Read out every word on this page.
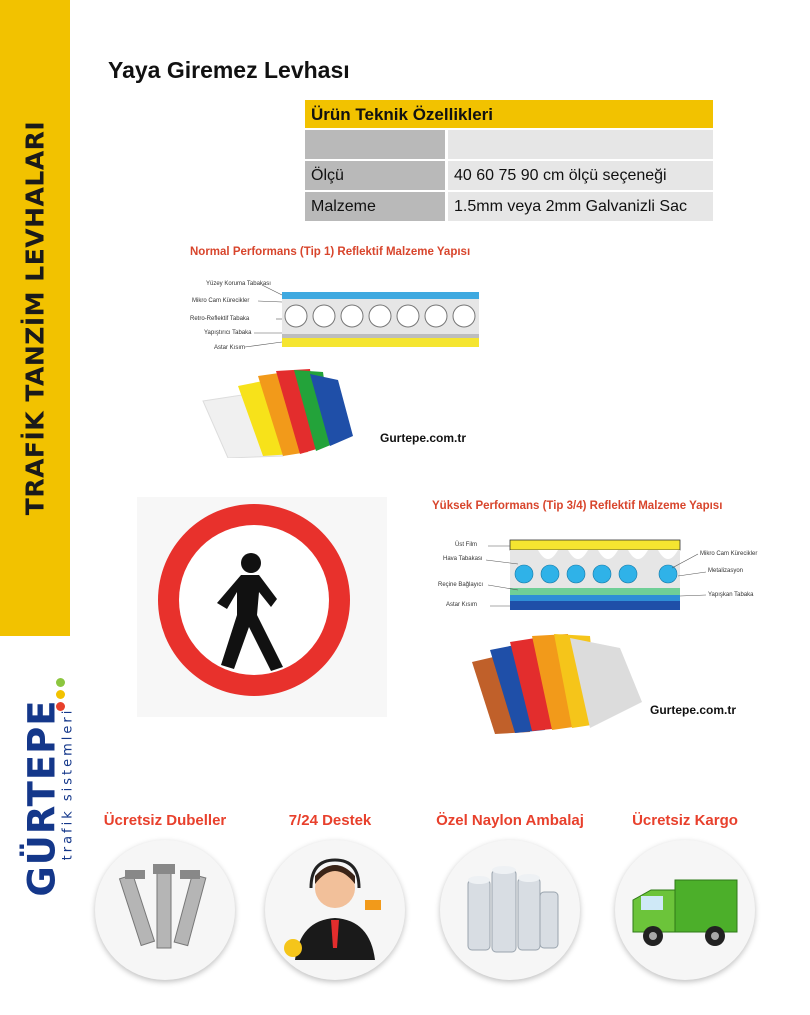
TRAFİK TANZİM LEVHALARI
GÜRTEPE
trafik sistemleri
Yaya Giremez Levhası
Ürün Teknik Özellikleri
Ölçü	40 60 75 90 cm ölçü seçeneği
Malzeme	1.5mm veya 2mm Galvanizli Sac
Normal Performans (Tip 1) Reflektif Malzeme Yapısı
Yüzey Koruma Tabakası
Mikro Cam Kürecikler
Retro-Reflektif Tabaka
Yapıştırıcı Tabaka
Astar Kısım
Gurtepe.com.tr
Yüksek Performans (Tip 3/4) Reflektif Malzeme Yapısı
Üst Film
Hava Tabakası
Reçine Bağlayıcı
Astar Kısım
Mikro Cam Kürecikler
Metalizasyon
Yapışkan Tabaka
Gurtepe.com.tr
Ücretsiz Dubeller	7/24 Destek	Özel Naylon Ambalaj	Ücretsiz Kargo
